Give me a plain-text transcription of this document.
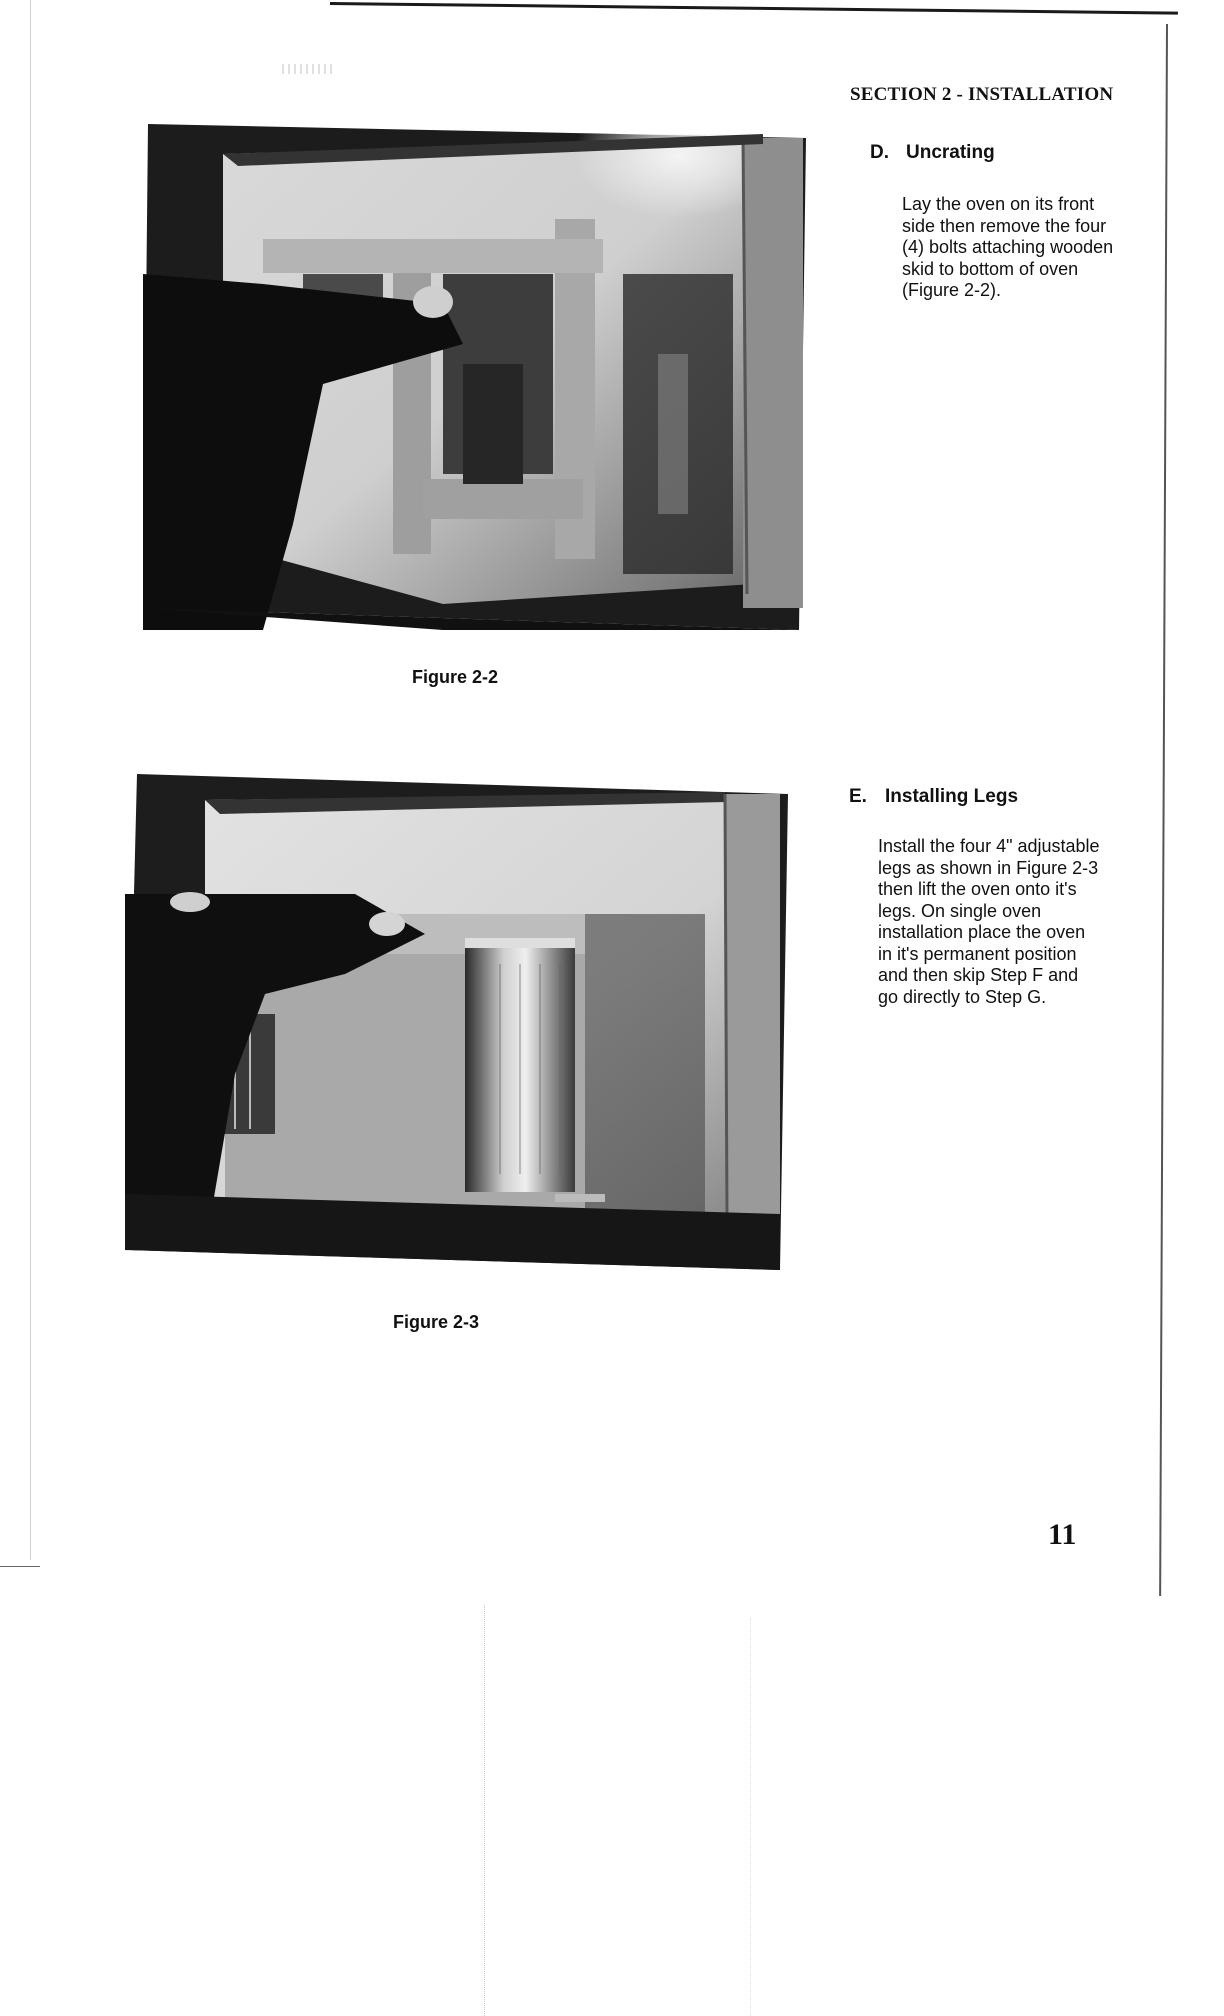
SECTION 2 - INSTALLATION
Figure 2-2
D. Uncrating
Lay the oven on its front side then remove the four (4) bolts attaching wooden skid to bottom of oven (Figure 2-2).
Figure 2-3
E. Installing Legs
Install the four 4" adjustable legs as shown in Figure 2-3 then lift the oven onto it's legs. On single oven installation place the oven in it's permanent position and then skip Step F and go directly to Step G.
11
